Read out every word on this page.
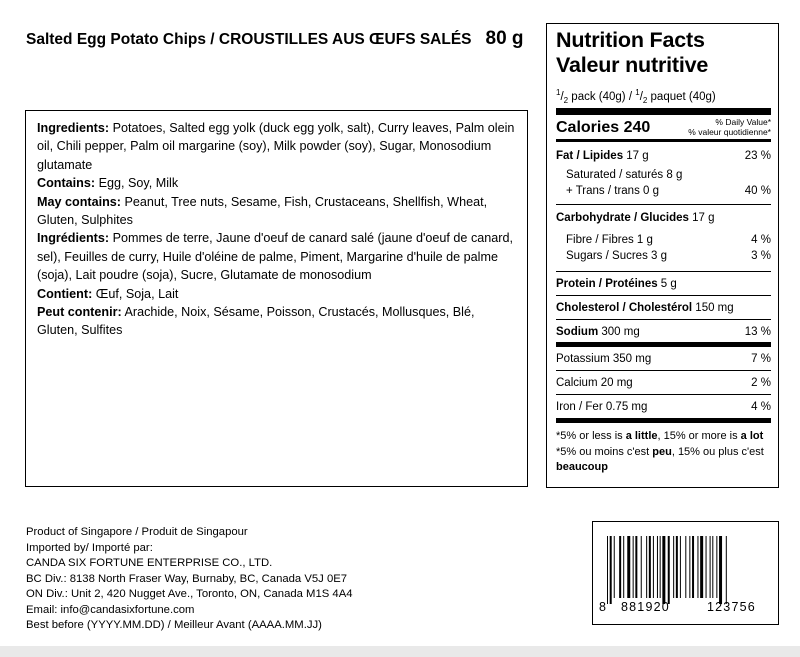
Salted Egg Potato Chips / CROUSTILLES AUS ŒUFS SALÉS 80 g

Ingredients: Potatoes, Salted egg yolk (duck egg yolk, salt), Curry leaves, Palm olein oil, Chili pepper, Palm oil margarine (soy), Milk powder (soy), Sugar, Monosodium glutamate

Contains: Egg, Soy, Milk

May contains: Peanut, Tree nuts, Sesame, Fish, Crustaceans, Shellfish, Wheat, Gluten, Sulphites

Ingrédients: Pommes de terre, Jaune d'oeuf de canard salé (jaune d'oeuf de canard, sel), Feuilles de curry, Huile d'oléine de palme, Piment, Margarine d'huile de palme (soja), Lait poudre (soja), Sucre, Glutamate de monosodium

Contient: Œuf, Soja, Lait

Peut contenir: Arachide, Noix, Sésame, Poisson, Crustacés, Mollusques, Blé, Gluten, Sulfites

Nutrition Facts
Valeur nutritive
$^1/_2$ pack $(40g) / ^1/_2$ paquet (40g)
Calories 240	% Daily Value*
% valeur quotidienne*
Fat / Lipides 17 g	23 %
Saturated / saturés 8 g
+ Trans / trans 0 g	40 %
Carbohydrate / Glucides 17 g
Fibre / Fibres 1 g	4 %
Sugars / Sucres 3 g	3 %
Protein / Protéines 5 g
Cholesterol / Cholestérol 150 mg
Sodium 300 mg	13 %
Potassium 350 mg	7 %
Calcium 20 mg	2 %
Iron / Fer 0.75 mg	4 %
*5% or less is a little, 15% or more is a lot
*5% ou moins c'est peu, 15% ou plus c'est beaucoup
Product of Singapore / Produit de Singapour
Imported by/ Importé par:
CANDA SIX FORTUNE ENTERPRISE CO., LTD.
BC Div.: 8138 North Fraser Way, Burnaby, BC, Canada V5J 0E7
ON Div.: Unit 2, 420 Nugget Ave., Toronto, ON, Canada M1S 4A4
Email: info@candasixfortune.com
Best before (YYYY.MM.DD) / Meilleur Avant (AAAA.MM.JJ)
8 881920	123756
